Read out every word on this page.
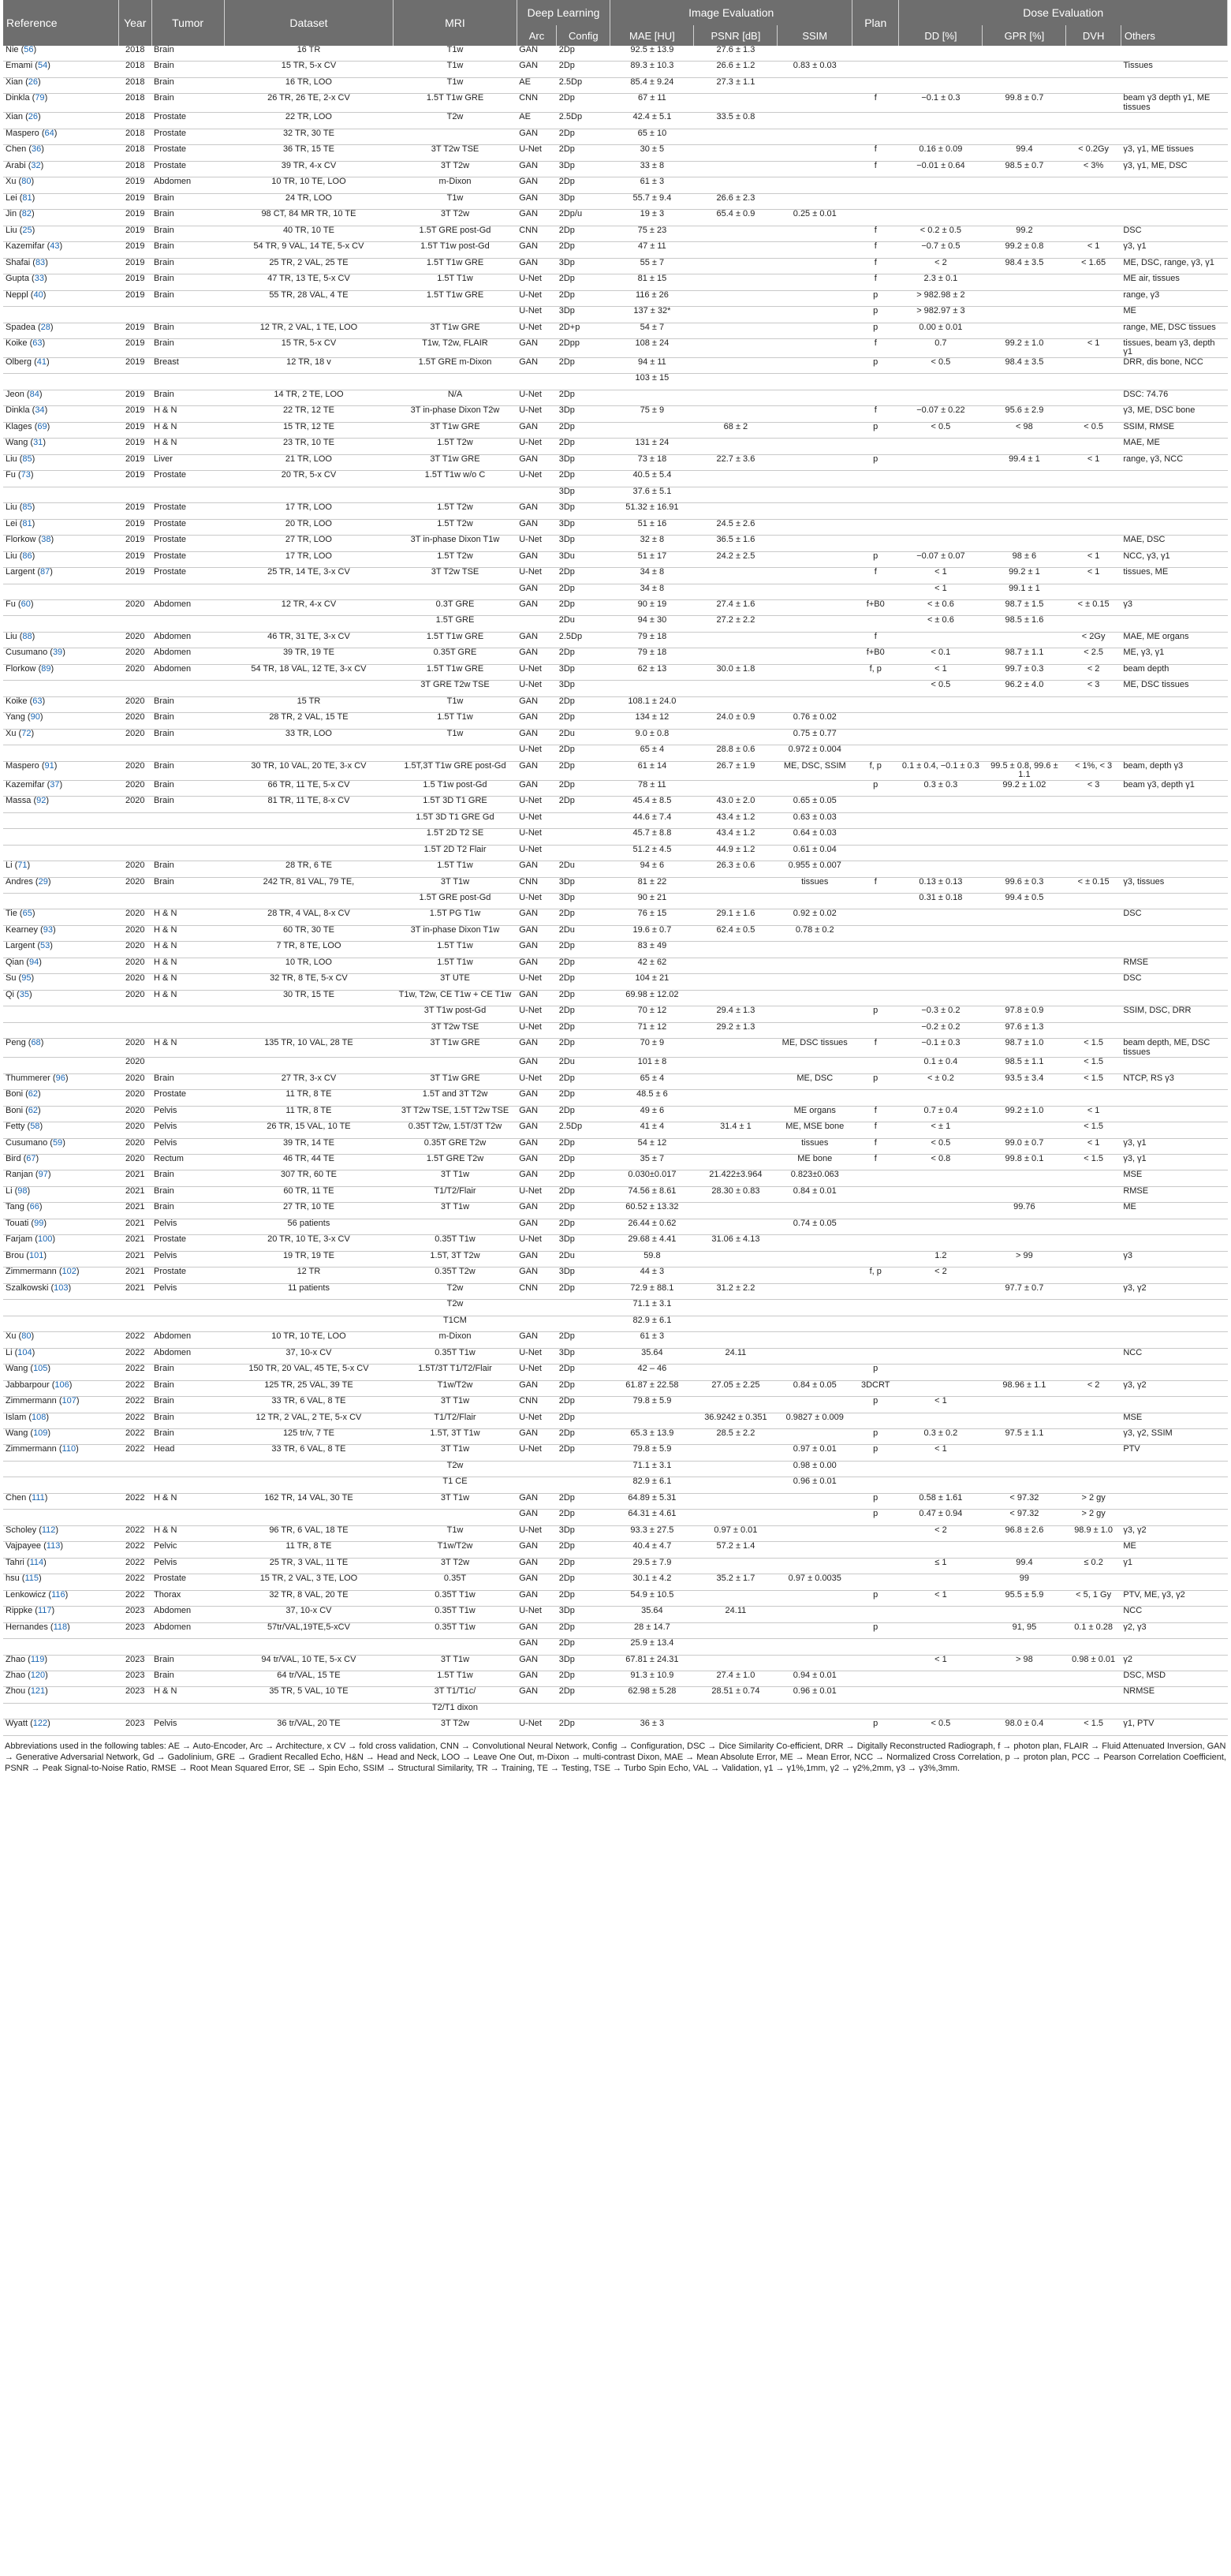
Reference	Year	Tumor	Dataset	MRI	Deep Learning		Image Evaluation			Plan	Dose Evaluation			
					Arc	Config	MAE [HU]	PSNR [dB]	SSIM		DD [%]	GPR [%]	DVH	Others
Nie (56)	2018	Brain	16 TR	T1w	GAN	2Dp	92.5 ± 13.9	27.6 ± 1.3						
Emami (54)	2018	Brain	15 TR, 5-x CV	T1w	GAN	2Dp	89.3 ± 10.3	26.6 ± 1.2	0.83 ± 0.03					Tissues
Xian (26)	2018	Brain	16 TR, LOO	T1w	AE	2.5Dp	85.4 ± 9.24	27.3 ± 1.1						
Dinkla (79)	2018	Brain	26 TR, 26 TE, 2-x CV	1.5T T1w GRE	CNN	2Dp	67 ± 11			f	−0.1 ± 0.3	99.8 ± 0.7		beam γ3 depth γ1, ME tissues
Xian (26)	2018	Prostate	22 TR, LOO	T2w	AE	2.5Dp	42.4 ± 5.1	33.5 ± 0.8						
Maspero (64)	2018	Prostate	32 TR, 30 TE		GAN	2Dp	65 ± 10							
Chen (36)	2018	Prostate	36 TR, 15 TE	3T T2w TSE	U-Net	2Dp	30 ± 5			f	0.16 ± 0.09	99.4	< 0.2Gy	γ3, γ1, ME tissues
Arabi (32)	2018	Prostate	39 TR, 4-x CV	3T T2w	GAN	3Dp	33 ± 8			f	−0.01 ± 0.64	98.5 ± 0.7	< 3%	γ3, γ1, ME, DSC
Xu (80)	2019	Abdomen	10 TR, 10 TE, LOO	m-Dixon	GAN	2Dp	61 ± 3							
Lei (81)	2019	Brain	24 TR, LOO	T1w	GAN	3Dp	55.7 ± 9.4	26.6 ± 2.3						
Jin (82)	2019	Brain	98 CT, 84 MR TR, 10 TE	3T T2w	GAN	2Dp/u	19 ± 3	65.4 ± 0.9	0.25 ± 0.01					
Liu (25)	2019	Brain	40 TR, 10 TE	1.5T GRE post-Gd	CNN	2Dp	75 ± 23			f	< 0.2 ± 0.5	99.2		DSC
Kazemifar (43)	2019	Brain	54 TR, 9 VAL, 14 TE, 5-x CV	1.5T T1w post-Gd	GAN	2Dp	47 ± 11			f	−0.7 ± 0.5	99.2 ± 0.8	< 1	γ3, γ1
Shafai (83)	2019	Brain	25 TR, 2 VAL, 25 TE	1.5T T1w GRE	GAN	3Dp	55 ± 7			f	< 2	98.4 ± 3.5	< 1.65	ME, DSC, range, γ3, γ1
Gupta (33)	2019	Brain	47 TR, 13 TE, 5-x CV	1.5T T1w	U-Net	2Dp	81 ± 15			f	2.3 ± 0.1			ME air, tissues
Neppl (40)	2019	Brain	55 TR, 28 VAL, 4 TE	1.5T T1w GRE	U-Net	2Dp	116 ± 26			p	> 982.98 ± 2			range, γ3
					U-Net	3Dp	137 ± 32*			p	> 982.97 ± 3			ME
Spadea (28)	2019	Brain	12 TR, 2 VAL, 1 TE, LOO	3T T1w GRE	U-Net	2D+p	54 ± 7			p	0.00 ± 0.01			range, ME, DSC tissues
Koike (63)	2019	Brain	15 TR, 5-x CV	T1w, T2w, FLAIR	GAN	2Dpp	108 ± 24			f	0.7	99.2 ± 1.0	< 1	tissues, beam γ3, depth γ1
Olberg (41)	2019	Breast	12 TR, 18 v	1.5T GRE m-Dixon	GAN	2Dp	94 ± 11			p	< 0.5	98.4 ± 3.5		DRR, dis bone, NCC
							103 ± 15							
Jeon (84)	2019	Brain	14 TR, 2 TE, LOO	N/A	U-Net	2Dp								DSC: 74.76
Dinkla (34)	2019	H & N	22 TR, 12 TE	3T in-phase Dixon T2w	U-Net	3Dp	75 ± 9			f	−0.07 ± 0.22	95.6 ± 2.9		γ3, ME, DSC bone
Klages (69)	2019	H & N	15 TR, 12 TE	3T T1w GRE	GAN	2Dp		68 ± 2		p	< 0.5	< 98	< 0.5	SSIM, RMSE
Wang (31)	2019	H & N	23 TR, 10 TE	1.5T T2w	U-Net	2Dp	131 ± 24							MAE, ME
Liu (85)	2019	Liver	21 TR, LOO	3T T1w GRE	GAN	3Dp	73 ± 18	22.7 ± 3.6		p		99.4 ± 1	< 1	range, γ3, NCC
Fu (73)	2019	Prostate	20 TR, 5-x CV	1.5T T1w w/o C	U-Net	2Dp	40.5 ± 5.4							
						3Dp	37.6 ± 5.1							
Liu (85)	2019	Prostate	17 TR, LOO	1.5T T2w	GAN	3Dp	51.32 ± 16.91							
Lei (81)	2019	Prostate	20 TR, LOO	1.5T T2w	GAN	3Dp	51 ± 16	24.5 ± 2.6						
Florkow (38)	2019	Prostate	27 TR, LOO	3T in-phase Dixon T1w	U-Net	3Dp	32 ± 8	36.5 ± 1.6						MAE, DSC
Liu (86)	2019	Prostate	17 TR, LOO	1.5T T2w	GAN	3Du	51 ± 17	24.2 ± 2.5		p	−0.07 ± 0.07	98 ± 6	< 1	NCC, γ3, γ1
Largent (87)	2019	Prostate	25 TR, 14 TE, 3-x CV	3T T2w TSE	U-Net	2Dp	34 ± 8			f	< 1	99.2 ± 1	< 1	tissues, ME
					GAN	2Dp	34 ± 8				< 1	99.1 ± 1		
Fu (60)	2020	Abdomen	12 TR, 4-x CV	0.3T GRE	GAN	2Dp	90 ± 19	27.4 ± 1.6		f+B0	< ± 0.6	98.7 ± 1.5	< ± 0.15	γ3
				1.5T GRE		2Du	94 ± 30	27.2 ± 2.2			< ± 0.6	98.5 ± 1.6		
Liu (88)	2020	Abdomen	46 TR, 31 TE, 3-x CV	1.5T T1w GRE	GAN	2.5Dp	79 ± 18			f			< 2Gy	MAE, ME organs
Cusumano (39)	2020	Abdomen	39 TR, 19 TE	0.35T GRE	GAN	2Dp	79 ± 18			f+B0	< 0.1	98.7 ± 1.1	< 2.5	ME, γ3, γ1
Florkow (89)	2020	Abdomen	54 TR, 18 VAL, 12 TE, 3-x CV	1.5T T1w GRE	U-Net	3Dp	62 ± 13	30.0 ± 1.8		f, p	< 1	99.7 ± 0.3	< 2	beam depth
				3T GRE T2w TSE	U-Net	3Dp					< 0.5	96.2 ± 4.0	< 3	ME, DSC tissues
Koike (63)	2020	Brain	15 TR	T1w	GAN	2Dp	108.1 ± 24.0							
Yang (90)	2020	Brain	28 TR, 2 VAL, 15 TE	1.5T T1w	GAN	2Dp	134 ± 12	24.0 ± 0.9	0.76 ± 0.02					
Xu (72)	2020	Brain	33 TR, LOO	T1w	GAN	2Du	9.0 ± 0.8		0.75 ± 0.77					
					U-Net	2Dp	65 ± 4	28.8 ± 0.6	0.972 ± 0.004					
Maspero (91)	2020	Brain	30 TR, 10 VAL, 20 TE, 3-x CV	1.5T,3T T1w GRE post-Gd	GAN	2Dp	61 ± 14	26.7 ± 1.9	ME, DSC, SSIM	f, p	0.1 ± 0.4, −0.1 ± 0.3	99.5 ± 0.8, 99.6 ± 1.1	< 1%, < 3	beam, depth γ3
Kazemifar (37)	2020	Brain	66 TR, 11 TE, 5-x CV	1.5 T1w post-Gd	GAN	2Dp	78 ± 11			p	0.3 ± 0.3	99.2 ± 1.02	< 3	beam γ3, depth γ1
Massa (92)	2020	Brain	81 TR, 11 TE, 8-x CV	1.5T 3D T1 GRE	U-Net	2Dp	45.4 ± 8.5	43.0 ± 2.0	0.65 ± 0.05					
				1.5T 3D T1 GRE Gd	U-Net		44.6 ± 7.4	43.4 ± 1.2	0.63 ± 0.03					
				1.5T 2D T2 SE	U-Net		45.7 ± 8.8	43.4 ± 1.2	0.64 ± 0.03					
				1.5T 2D T2 Flair	U-Net		51.2 ± 4.5	44.9 ± 1.2	0.61 ± 0.04					
Li (71)	2020	Brain	28 TR, 6 TE	1.5T T1w	GAN	2Du	94 ± 6	26.3 ± 0.6	0.955 ± 0.007					
Andres (29)	2020	Brain	242 TR, 81 VAL, 79 TE,	3T T1w	CNN	3Dp	81 ± 22		tissues	f	0.13 ± 0.13	99.6 ± 0.3	< ± 0.15	γ3, tissues
				1.5T GRE post-Gd	U-Net	3Dp	90 ± 21				0.31 ± 0.18	99.4 ± 0.5		
Tie (65)	2020	H & N	28 TR, 4 VAL, 8-x CV	1.5T PG T1w	GAN	2Dp	76 ± 15	29.1 ± 1.6	0.92 ± 0.02					DSC
Kearney (93)	2020	H & N	60 TR, 30 TE	3T in-phase Dixon T1w	GAN	2Du	19.6 ± 0.7	62.4 ± 0.5	0.78 ± 0.2					
Largent (53)	2020	H & N	7 TR, 8 TE, LOO	1.5T T1w	GAN	2Dp	83 ± 49							
Qian (94)	2020	H & N	10 TR, LOO	1.5T T1w	GAN	2Dp	42 ± 62							RMSE
Su (95)	2020	H & N	32 TR, 8 TE, 5-x CV	3T UTE	U-Net	2Dp	104 ± 21							DSC
Qi (35)	2020	H & N	30 TR, 15 TE	T1w, T2w, CE T1w + CE T1w	GAN	2Dp	69.98 ± 12.02							
				3T T1w post-Gd	U-Net	2Dp	70 ± 12	29.4 ± 1.3		p	−0.3 ± 0.2	97.8 ± 0.9		SSIM, DSC, DRR
				3T T2w TSE	U-Net	2Dp	71 ± 12	29.2 ± 1.3			−0.2 ± 0.2	97.6 ± 1.3		
Peng (68)	2020	H & N	135 TR, 10 VAL, 28 TE	3T T1w GRE	GAN	2Dp	70 ± 9		ME, DSC tissues	f	−0.1 ± 0.3	98.7 ± 1.0	< 1.5	beam depth, ME, DSC tissues
	2020				GAN	2Du	101 ± 8				0.1 ± 0.4	98.5 ± 1.1	< 1.5	
Thummerer (96)	2020	Brain	27 TR, 3-x CV	3T T1w GRE	U-Net	2Dp	65 ± 4		ME, DSC	p	< ± 0.2	93.5 ± 3.4	< 1.5	NTCP, RS γ3
Boni (62)	2020	Prostate	11 TR, 8 TE	1.5T and 3T T2w	GAN	2Dp	48.5 ± 6							
Boni (62)	2020	Pelvis	11 TR, 8 TE	3T T2w TSE, 1.5T T2w TSE	GAN	2Dp	49 ± 6		ME organs	f	0.7 ± 0.4	99.2 ± 1.0	< 1	
Fetty (58)	2020	Pelvis	26 TR, 15 VAL, 10 TE	0.35T T2w, 1.5T/3T T2w	GAN	2.5Dp	41 ± 4	31.4 ± 1	ME, MSE bone	f	< ± 1		< 1.5	
Cusumano (59)	2020	Pelvis	39 TR, 14 TE	0.35T GRE T2w	GAN	2Dp	54 ± 12		tissues	f	< 0.5	99.0 ± 0.7	< 1	γ3, γ1
Bird (67)	2020	Rectum	46 TR, 44 TE	1.5T GRE T2w	GAN	2Dp	35 ± 7		ME bone	f	< 0.8	99.8 ± 0.1	< 1.5	γ3, γ1
Ranjan (97)	2021	Brain	307 TR, 60 TE	3T T1w	GAN	2Dp	0.030±0.017	21.422±3.964	0.823±0.063					MSE
Li (98)	2021	Brain	60 TR, 11 TE	T1/T2/Flair	U-Net	2Dp	74.56 ± 8.61	28.30 ± 0.83	0.84 ± 0.01					RMSE
Tang (66)	2021	Brain	27 TR, 10 TE	3T T1w	GAN	2Dp	60.52 ± 13.32					99.76		ME
Touati (99)	2021	Pelvis	56 patients		GAN	2Dp	26.44 ± 0.62		0.74 ± 0.05					
Farjam (100)	2021	Prostate	20 TR, 10 TE, 3-x CV	0.35T T1w	U-Net	3Dp	29.68 ± 4.41	31.06 ± 4.13						
Brou (101)	2021	Pelvis	19 TR, 19 TE	1.5T, 3T T2w	GAN	2Du	59.8				1.2	> 99		γ3
Zimmermann (102)	2021	Prostate	12 TR	0.35T T2w	GAN	3Dp	44 ± 3			f, p	< 2			
Szalkowski (103)	2021	Pelvis	11 patients	T2w	CNN	2Dp	72.9 ± 88.1	31.2 ± 2.2				97.7 ± 0.7		γ3, γ2
				T2w			71.1 ± 3.1							
				T1CM			82.9 ± 6.1							
Xu (80)	2022	Abdomen	10 TR, 10 TE, LOO	m-Dixon	GAN	2Dp	61 ± 3							
Li (104)	2022	Abdomen	37, 10-x CV	0.35T T1w	U-Net	3Dp	35.64	24.11						NCC
Wang (105)	2022	Brain	150 TR, 20 VAL, 45 TE, 5-x CV	1.5T/3T T1/T2/Flair	U-Net	2Dp	42 – 46			p				
Jabbarpour (106)	2022	Brain	125 TR, 25 VAL, 39 TE	T1w/T2w	GAN	2Dp	61.87 ± 22.58	27.05 ± 2.25	0.84 ± 0.05	3DCRT		98.96 ± 1.1	< 2	γ3, γ2
Zimmermann (107)	2022	Brain	33 TR, 6 VAL, 8 TE	3T T1w	CNN	2Dp	79.8 ± 5.9			p	< 1			
Islam (108)	2022	Brain	12 TR, 2 VAL, 2 TE, 5-x CV	T1/T2/Flair	U-Net	2Dp		36.9242 ± 0.351	0.9827 ± 0.009					MSE
Wang (109)	2022	Brain	125 tr/v, 7 TE	1.5T, 3T T1w	GAN	2Dp	65.3 ± 13.9	28.5 ± 2.2		p	0.3 ± 0.2	97.5 ± 1.1		γ3, γ2, SSIM
Zimmermann (110)	2022	Head	33 TR, 6 VAL, 8 TE	3T T1w	U-Net	2Dp	79.8 ± 5.9		0.97 ± 0.01	p	< 1			PTV
				T2w			71.1 ± 3.1		0.98 ± 0.00					
				T1 CE			82.9 ± 6.1		0.96 ± 0.01					
Chen (111)	2022	H & N	162 TR, 14 VAL, 30 TE	3T T1w	GAN	2Dp	64.89 ± 5.31			p	0.58 ± 1.61	< 97.32	> 2 gy	
					GAN	2Dp	64.31 ± 4.61			p	0.47 ± 0.94	< 97.32	> 2 gy	
Scholey (112)	2022	H & N	96 TR, 6 VAL, 18 TE	T1w	U-Net	3Dp	93.3 ± 27.5	0.97 ± 0.01			< 2	96.8 ± 2.6	98.9 ± 1.0	γ3, γ2
Vajpayee (113)	2022	Pelvic	11 TR, 8 TE	T1w/T2w	GAN	2Dp	40.4 ± 4.7	57.2 ± 1.4						ME
Tahri (114)	2022	Pelvis	25 TR, 3 VAL, 11 TE	3T T2w	GAN	2Dp	29.5 ± 7.9				≤ 1	99.4	≤ 0.2	γ1
hsu (115)	2022	Prostate	15 TR, 2 VAL, 3 TE, LOO	0.35T	GAN	2Dp	30.1 ± 4.2	35.2 ± 1.7	0.97 ± 0.0035			99		
Lenkowicz (116)	2022	Thorax	32 TR, 8 VAL, 20 TE	0.35T T1w	GAN	2Dp	54.9 ± 10.5			p	< 1	95.5 ± 5.9	< 5, 1 Gy	PTV, ME, γ3, γ2
Rippke (117)	2023	Abdomen	37, 10-x CV	0.35T T1w	U-Net	3Dp	35.64	24.11						NCC
Hernandes (118)	2023	Abdomen	57tr/VAL,19TE,5-xCV	0.35T T1w	GAN	2Dp	28 ± 14.7			p		91, 95	0.1 ± 0.28	γ2, γ3
					GAN	2Dp	25.9 ± 13.4							
Zhao (119)	2023	Brain	94 tr/VAL, 10 TE, 5-x CV	3T T1w	GAN	3Dp	67.81 ± 24.31				< 1	> 98	0.98 ± 0.01	γ2
Zhao (120)	2023	Brain	64 tr/VAL, 15 TE	1.5T T1w	GAN	2Dp	91.3 ± 10.9	27.4 ± 1.0	0.94 ± 0.01					DSC, MSD
Zhou (121)	2023	H & N	35 TR, 5 VAL, 10 TE	3T T1/T1c/	GAN	2Dp	62.98 ± 5.28	28.51 ± 0.74	0.96 ± 0.01					NRMSE
				T2/T1 dixon										
Wyatt (122)	2023	Pelvis	36 tr/VAL, 20 TE	3T T2w	U-Net	2Dp	36 ± 3			p	< 0.5	98.0 ± 0.4	< 1.5	γ1, PTV
Abbreviations used in the following tables: AE → Auto-Encoder, Arc → Architecture, x CV → fold cross validation, CNN → Convolutional Neural Network, Config → Configuration, DSC → Dice Similarity Co-efficient, DRR → Digitally Reconstructed Radiograph, f → photon plan, FLAIR → Fluid Attenuated Inversion, GAN → Generative Adversarial Network, Gd → Gadolinium, GRE → Gradient Recalled Echo, H&N → Head and Neck, LOO → Leave One Out, m-Dixon → multi-contrast Dixon, MAE → Mean Absolute Error, ME → Mean Error, NCC → Normalized Cross Correlation, p → proton plan, PCC → Pearson Correlation Coefficient, PSNR → Peak Signal-to-Noise Ratio, RMSE → Root Mean Squared Error, SE → Spin Echo, SSIM → Structural Similarity, TR → Training, TE → Testing, TSE → Turbo Spin Echo, VAL → Validation, γ1 → γ1%,1mm, γ2 → γ2%,2mm, γ3 → γ3%,3mm.
